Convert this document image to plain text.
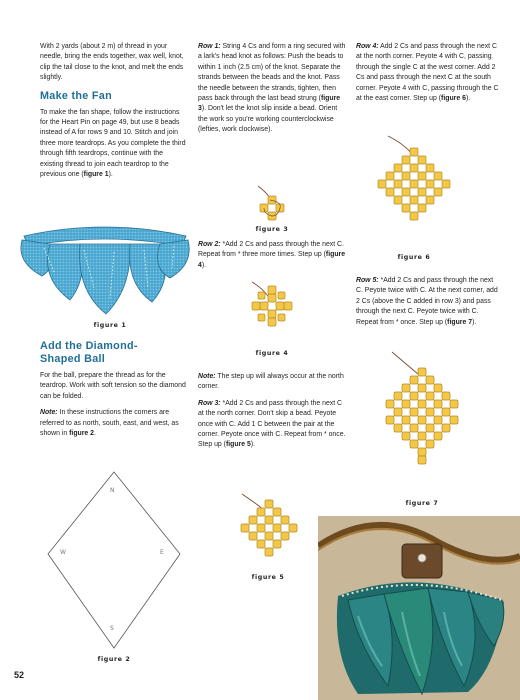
With 2 yards (about 2 m) of thread in your needle, bring the ends together, wax well, knot, clip the tail close to the knot, and melt the ends slightly.

Make the Fan

To make the fan shape, follow the instructions for the Heart Pin on page 49, but use 8 beads instead of A for rows 9 and 10. Stitch and join three more teardrops. As you complete the third through fifth teardrops, continue with the existing thread to join each teardrop to the previous one (figure 1).

figure 1
Add the Diamond-
Shaped Ball

For the ball, prepare the thread as for the teardrop. Work with soft tension so the diamond can be folded.

Note: In these instructions the corners are referred to as north, south, east, and west, as shown in figure 2.

N
W	E
S
figure 2
52

Row 1: String 4 Cs and form a ring secured with a lark's head knot as follows: Push the beads to within 1 inch (2.5 cm) of the knot. Separate the strands between the beads and the knot. Pass the needle between the strands, tighten, then pass back through the last bead strung (figure 3). Don't let the knot slip inside a bead. Orient the work so you're working counterclockwise (lefties, work clockwise).

figure 3

Row 2: *Add 2 Cs and pass through the next C. Repeat from * three more times. Step up (figure 4).

figure 4

Note: The step up will always occur at the north corner.

Row 3: *Add 2 Cs and pass through the next C at the north corner. Don't skip a bead. Peyote once with C. Add 1 C between the pair at the corner. Peyote once with C. Repeat from * once. Step up (figure 5).

figure 5

Row 4: Add 2 Cs and pass through the next C at the north corner. Peyote 4 with C, passing through the single C at the west corner. Add 2 Cs and pass through the next C at the south corner. Peyote 4 with C, passing through the C at the east corner. Step up (figure 6).

figure 6

Row 5: *Add 2 Cs and pass through the next C. Peyote twice with C. At the next corner, add 2 Cs (above the C added in row 3) and pass through the next C. Peyote twice with C. Repeat from * once. Step up (figure 7).

figure 7
